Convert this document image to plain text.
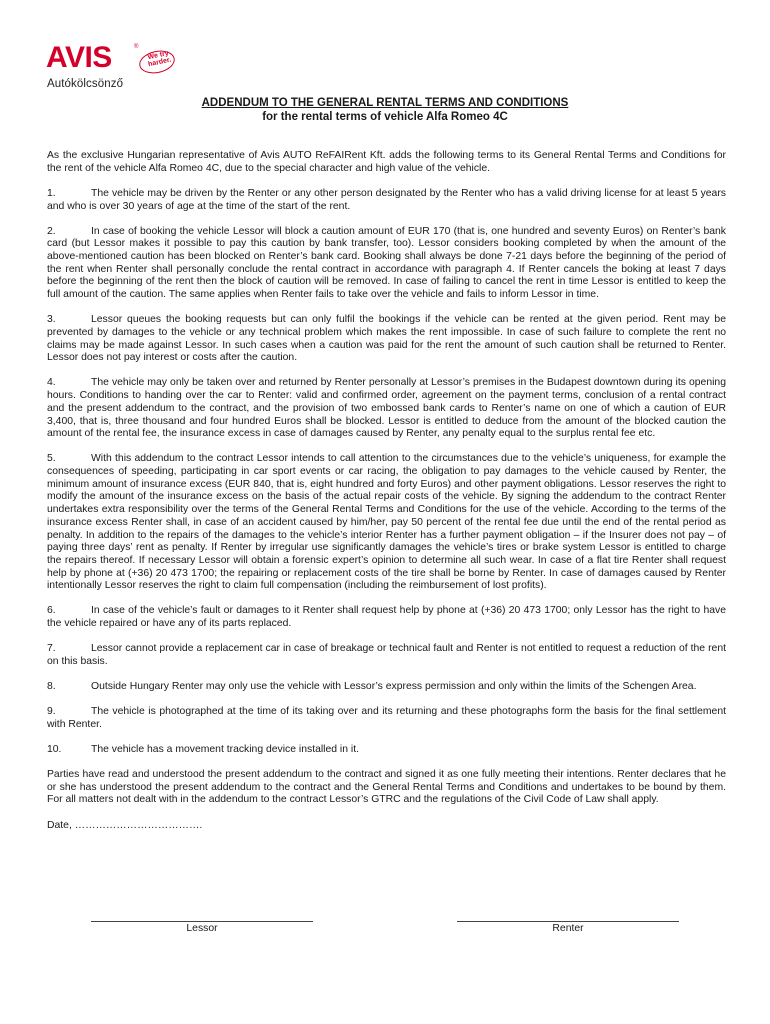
AVIS	®
We try harder.
Autókölcsönző
ADDENDUM TO THE GENERAL RENTAL TERMS AND CONDITIONS
for the rental terms of vehicle Alfa Romeo 4C

As the exclusive Hungarian representative of Avis AUTO ReFAIRent Kft. adds the following terms to its General Rental Terms and Conditions for the rent of the vehicle Alfa Romeo 4C, due to the special character and high value of the vehicle.

1.	The vehicle may be driven by the Renter or any other person designated by the Renter who has a valid driving license for at least 5 years and who is over 30 years of age at the time of the start of the rent.

2.	In case of booking the vehicle Lessor will block a caution amount of EUR 170 (that is, one hundred and seventy Euros) on Renter’s bank card (but Lessor makes it possible to pay this caution by bank transfer, too). Lessor considers booking completed by when the amount of the above-mentioned caution has been blocked on Renter’s bank card. Booking shall always be done 7-21 days before the beginning of the period of the rent when Renter shall personally conclude the rental contract in accordance with paragraph 4. If Renter cancels the boking at least 7 days before the beginning of the rent then the block of caution will be removed. In case of failing to cancel the rent in time Lessor is entitled to keep the full amount of the caution. The same applies when Renter fails to take over the vehicle and fails to inform Lessor in time.

3.	Lessor queues the booking requests but can only fulfil the bookings if the vehicle can be rented at the given period. Rent may be prevented by damages to the vehicle or any technical problem which makes the rent impossible. In case of such failure to complete the rent no claims may be made against Lessor. In such cases when a caution was paid for the rent the amount of such caution shall be returned to Renter. Lessor does not pay interest or costs after the caution.

4.	The vehicle may only be taken over and returned by Renter personally at Lessor’s premises in the Budapest downtown during its opening hours. Conditions to handing over the car to Renter: valid and confirmed order, agreement on the payment terms, conclusion of a rental contract and the present addendum to the contract, and the provision of two embossed bank cards to Renter’s name on one of which a caution of EUR 3,400, that is, three thousand and four hundred Euros shall be blocked. Lessor is entitled to deduce from the amount of the blocked caution the amount of the rental fee, the insurance excess in case of damages caused by Renter, any penalty equal to the surplus rental fee etc.

5.	With this addendum to the contract Lessor intends to call attention to the circumstances due to the vehicle’s uniqueness, for example the consequences of speeding, participating in car sport events or car racing, the obligation to pay damages to the vehicle caused by Renter, the minimum amount of insurance excess (EUR 840, that is, eight hundred and forty Euros) and other payment obligations. Lessor reserves the right to modify the amount of the insurance excess on the basis of the actual repair costs of the vehicle. By signing the addendum to the contract Renter undertakes extra responsibility over the terms of the General Rental Terms and Conditions for the use of the vehicle. According to the terms of the insurance excess Renter shall, in case of an accident caused by him/her, pay 50 percent of the rental fee due until the end of the rental period as penalty. In addition to the repairs of the damages to the vehicle’s interior Renter has a further payment obligation – if the Insurer does not pay – of paying three days’ rent as penalty. If Renter by irregular use significantly damages the vehicle’s tires or brake system Lessor is entitled to charge the repairs thereof. If necessary Lessor will obtain a forensic expert’s opinion to determine all such wear. In case of a flat tire Renter shall request help by phone at (+36) 20 473 1700; the repairing or replacement costs of the tire shall be borne by Renter. In case of damages caused by Renter intentionally Lessor reserves the right to claim full compensation (including the reimbursement of lost profits).

6.	In case of the vehicle’s fault or damages to it Renter shall request help by phone at (+36) 20 473 1700; only Lessor has the right to have the vehicle repaired or have any of its parts replaced.

7.	Lessor cannot provide a replacement car in case of breakage or technical fault and Renter is not entitled to request a reduction of the rent on this basis.

8.	Outside Hungary Renter may only use the vehicle with Lessor’s express permission and only within the limits of the Schengen Area.

9.	The vehicle is photographed at the time of its taking over and its returning and these photographs form the basis for the final settlement with Renter.

10.	The vehicle has a movement tracking device installed in it.

Parties have read and understood the present addendum to the contract and signed it as one fully meeting their intentions. Renter declares that he or she has understood the present addendum to the contract and the General Rental Terms and Conditions and undertakes to be bound by them. For all matters not dealt with in the addendum to the contract Lessor’s GTRC and the regulations of the Civil Code of Law shall apply.

Date, ……………………………….
Lessor	Renter
